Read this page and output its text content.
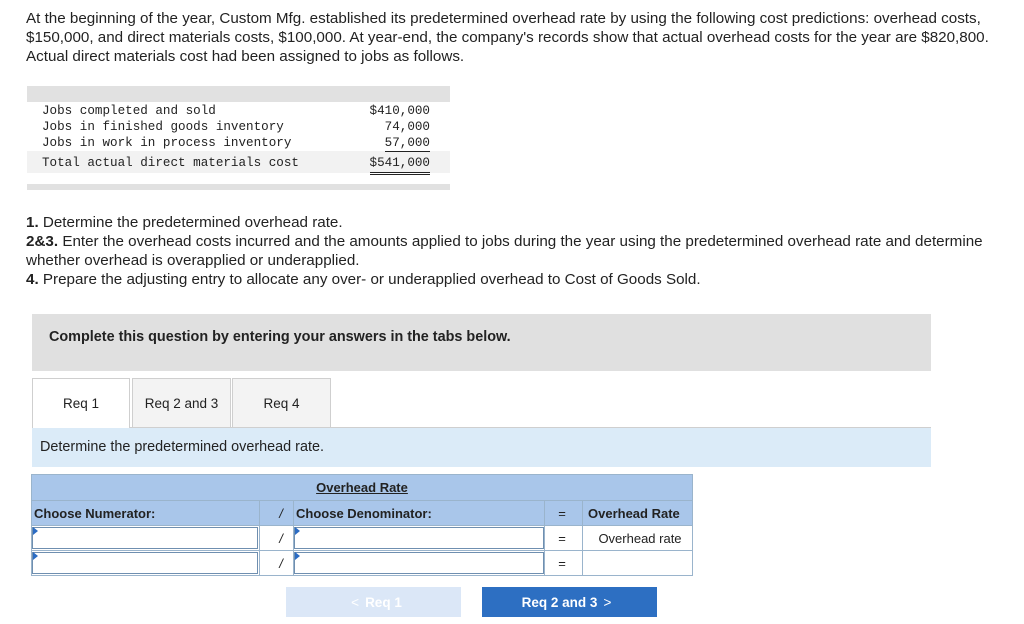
At the beginning of the year, Custom Mfg. established its predetermined overhead rate by using the following cost predictions: overhead costs, $150,000, and direct materials costs, $100,000. At year-end, the company's records show that actual overhead costs for the year are $820,800. Actual direct materials cost had been assigned to jobs as follows.

Jobs completed and sold	$410,000
Jobs in finished goods inventory	74,000
Jobs in work in process inventory	57,000
Total actual direct materials cost	$541,000

1. Determine the predetermined overhead rate.

2&3. Enter the overhead costs incurred and the amounts applied to jobs during the year using the predetermined overhead rate and determine whether overhead is overapplied or underapplied.

4. Prepare the adjusting entry to allocate any over- or underapplied overhead to Cost of Goods Sold.

Complete this question by entering your answers in the tabs below.
Req 1	Req 2 and 3	Req 4
Determine the predetermined overhead rate.
Overhead Rate
Choose Numerator:	/	Choose Denominator:	=	Overhead Rate
/	=	Overhead rate
/	=
< Req 1	Req 2 and 3 >
